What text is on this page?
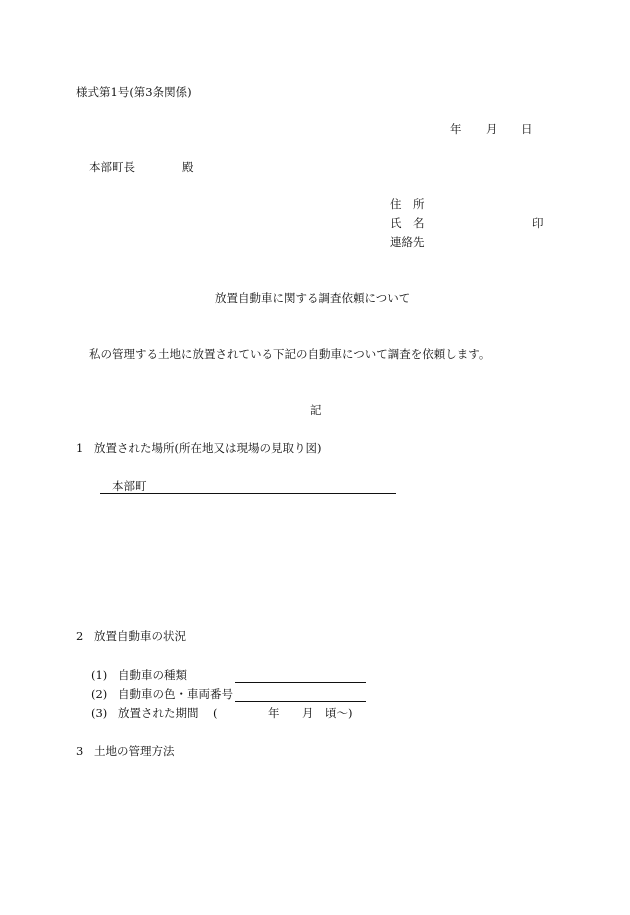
様式第1号(第3条関係)
年 月 日
本部町長	殿
住　所
氏　名	印
連絡先
放置自動車に関する調査依頼について
私の管理する土地に放置されている下記の自動車について調査を依頼します。
記
1 放置された場所(所在地又は現場の見取り図)
本部町
2 放置自動車の状況
(1) 自動車の種類
(2) 自動車の色・車両番号
(3) 放置された期間 (	年 月 頃～)
3 土地の管理方法
